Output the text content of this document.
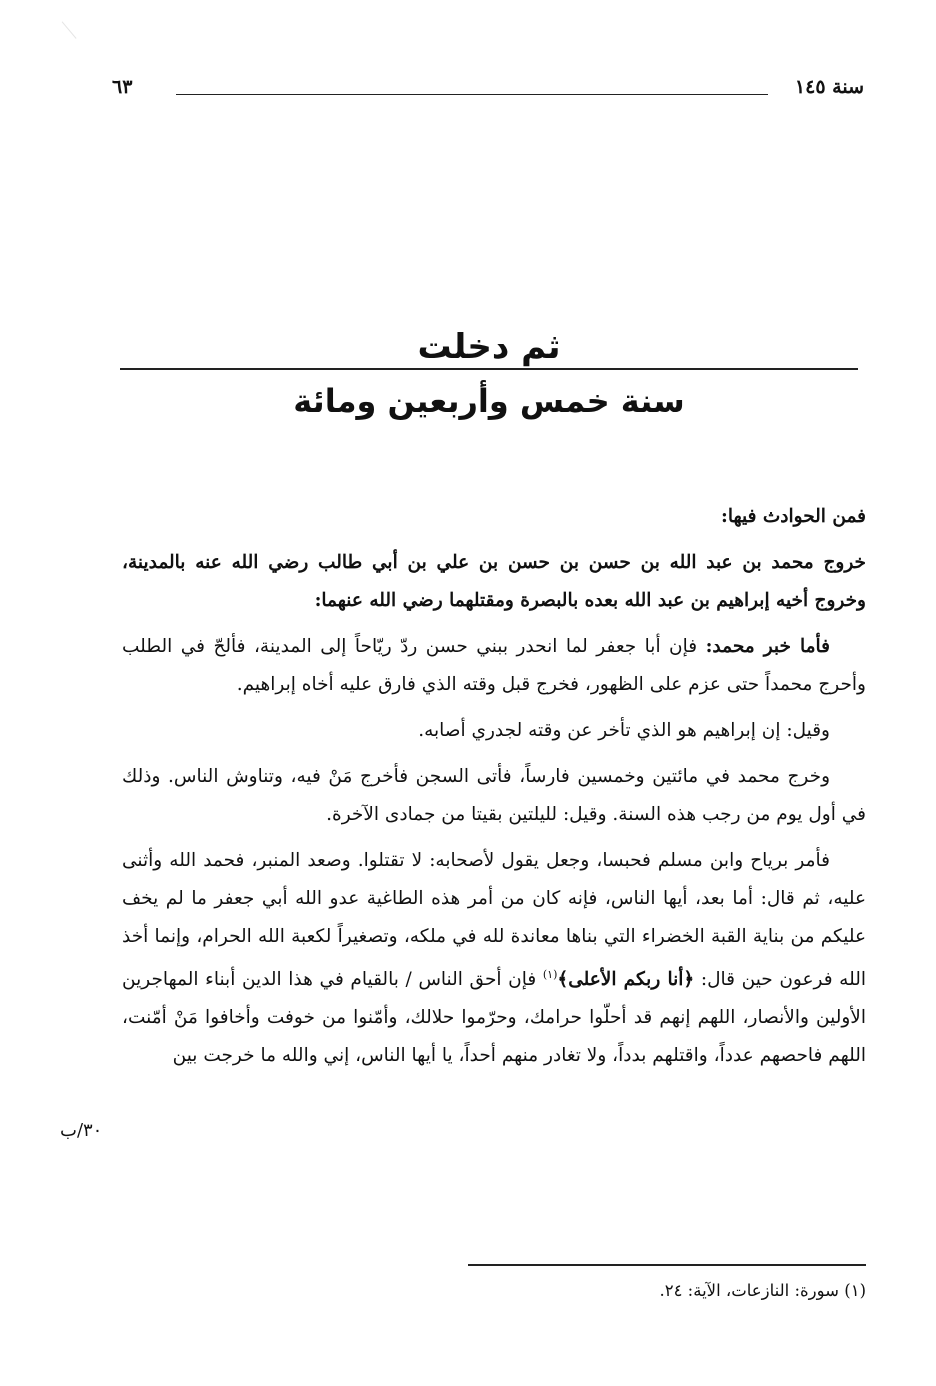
سنة ١٤٥
٦٣
ثم دخلت
سنة خمس وأربعين ومائة

فمن الحوادث فيها:

خروج محمد بن عبد الله بن حسن بن حسن بن علي بن أبي طالب رضي الله عنه بالمدينة، وخروج أخيه إبراهيم بن عبد الله بعده بالبصرة ومقتلهما رضي الله عنهما:

فأما خبر محمد: فإن أبا جعفر لما انحدر ببني حسن ردّ ريّاحاً إلى المدينة، فألحّ في الطلب وأحرج محمداً حتى عزم على الظهور، فخرج قبل وقته الذي فارق عليه أخاه إبراهيم.

وقيل: إن إبراهيم هو الذي تأخر عن وقته لجدري أصابه.

وخرج محمد في مائتين وخمسين فارساً، فأتى السجن فأخرج مَنْ فيه، وتناوش الناس. وذلك في أول يوم من رجب هذه السنة. وقيل: لليلتين بقيتا من جمادى الآخرة.

فأمر برياح وابن مسلم فحبسا، وجعل يقول لأصحابه: لا تقتلوا. وصعد المنبر، فحمد الله وأثنى عليه، ثم قال: أما بعد، أيها الناس، فإنه كان من أمر هذه الطاغية عدو الله أبي جعفر ما لم يخف عليكم من بناية القبة الخضراء التي بناها معاندة لله في ملكه، وتصغيراً لكعبة الله الحرام، وإنما أخذ الله فرعون حين قال: ﴿أنا ربكم الأعلى﴾$^{(١)}$ فإن أحق الناس / بالقيام في هذا الدين أبناء المهاجرين الأولين والأنصار، اللهم إنهم قد أحلّوا حرامك، وحرّموا حلالك، وأمّنوا من خوفت وأخافوا مَنْ أمّنت، اللهم فاحصهم عدداً، واقتلهم بدداً، ولا تغادر منهم أحداً، يا أيها الناس، إني والله ما خرجت بين

٣٠/ب
(١) سورة: النازعات، الآية: ٢٤.
